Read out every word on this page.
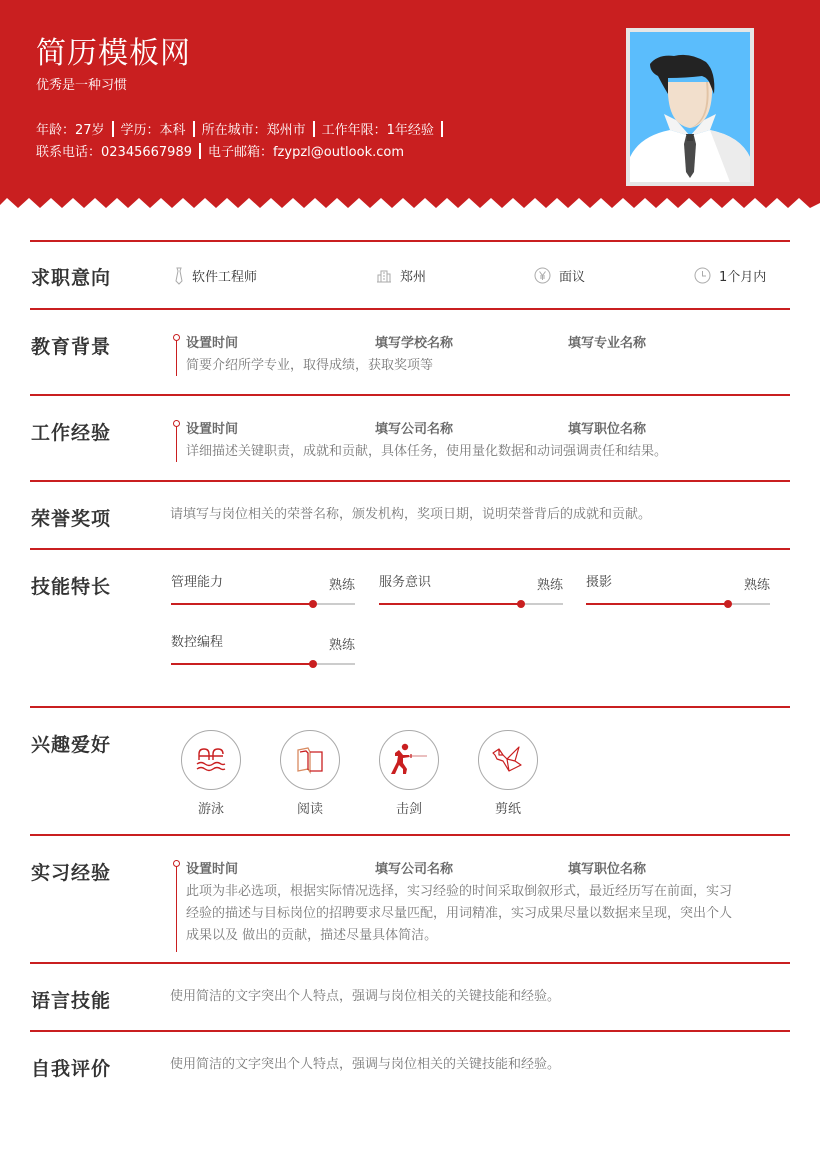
简历模板网
优秀是一种习惯
年龄：27岁 学历：本科 所在城市：郑州市 工作年限：1年经验
联系电话：02345667989 电子邮箱：fzypzl@outlook.com
求职意向	软件工程师	郑州	面议	1个月内
教育背景	设置时间	填写学校名称	填写专业名称
简要介绍所学专业，取得成绩，获取奖项等
工作经验	设置时间	填写公司名称	填写职位名称
详细描述关键职责，成就和贡献，具体任务，使用量化数据和动词强调责任和结果。
荣誉奖项	请填写与岗位相关的荣誉名称，颁发机构，奖项日期，说明荣誉背后的成就和贡献。
技能特长	管理能力	熟练 服务意识	熟练 摄影	熟练
数控编程	熟练
兴趣爱好
游泳	阅读	击剑	剪纸
实习经验	设置时间	填写公司名称	填写职位名称
此项为非必选项，根据实际情况选择，实习经验的时间采取倒叙形式，最近经历写在前面，实习
经验的描述与目标岗位的招聘要求尽量匹配，用词精准，实习成果尽量以数据来呈现，突出个人
成果以及 做出的贡献，描述尽量具体简洁。
语言技能	使用简洁的文字突出个人特点，强调与岗位相关的关键技能和经验。
自我评价	使用简洁的文字突出个人特点，强调与岗位相关的关键技能和经验。
